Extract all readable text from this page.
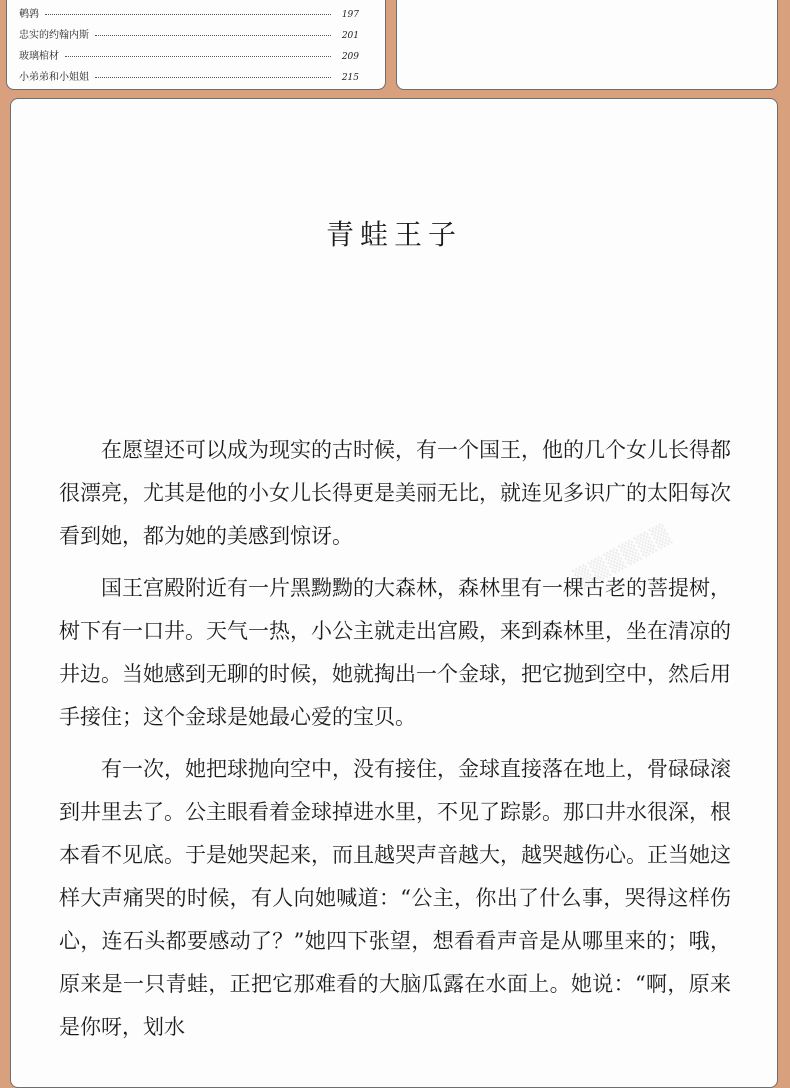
鹌鹑	197
忠实的约翰内斯	201
玻璃棺材	209
小弟弟和小姐姐	215
青蛙王子

在愿望还可以成为现实的古时候，有一个国王，他的几个女儿长得都很漂亮，尤其是他的小女儿长得更是美丽无比，就连见多识广的太阳每次看到她，都为她的美感到惊讶。

国王宫殿附近有一片黑黝黝的大森林，森林里有一棵古老的菩提树，树下有一口井。天气一热，小公主就走出宫殿，来到森林里，坐在清凉的井边。当她感到无聊的时候，她就掏出一个金球，把它抛到空中，然后用手接住；这个金球是她最心爱的宝贝。

有一次，她把球抛向空中，没有接住，金球直接落在地上，骨碌碌滚到井里去了。公主眼看着金球掉进水里，不见了踪影。那口井水很深，根本看不见底。于是她哭起来，而且越哭声音越大，越哭越伤心。正当她这样大声痛哭的时候，有人向她喊道：“公主，你出了什么事，哭得这样伤心，连石头都要感动了？”她四下张望，想看看声音是从哪里来的；哦，原来是一只青蛙，正把它那难看的大脑瓜露在水面上。她说：“啊，原来是你呀，划水

▒▒▒▒▒▒
